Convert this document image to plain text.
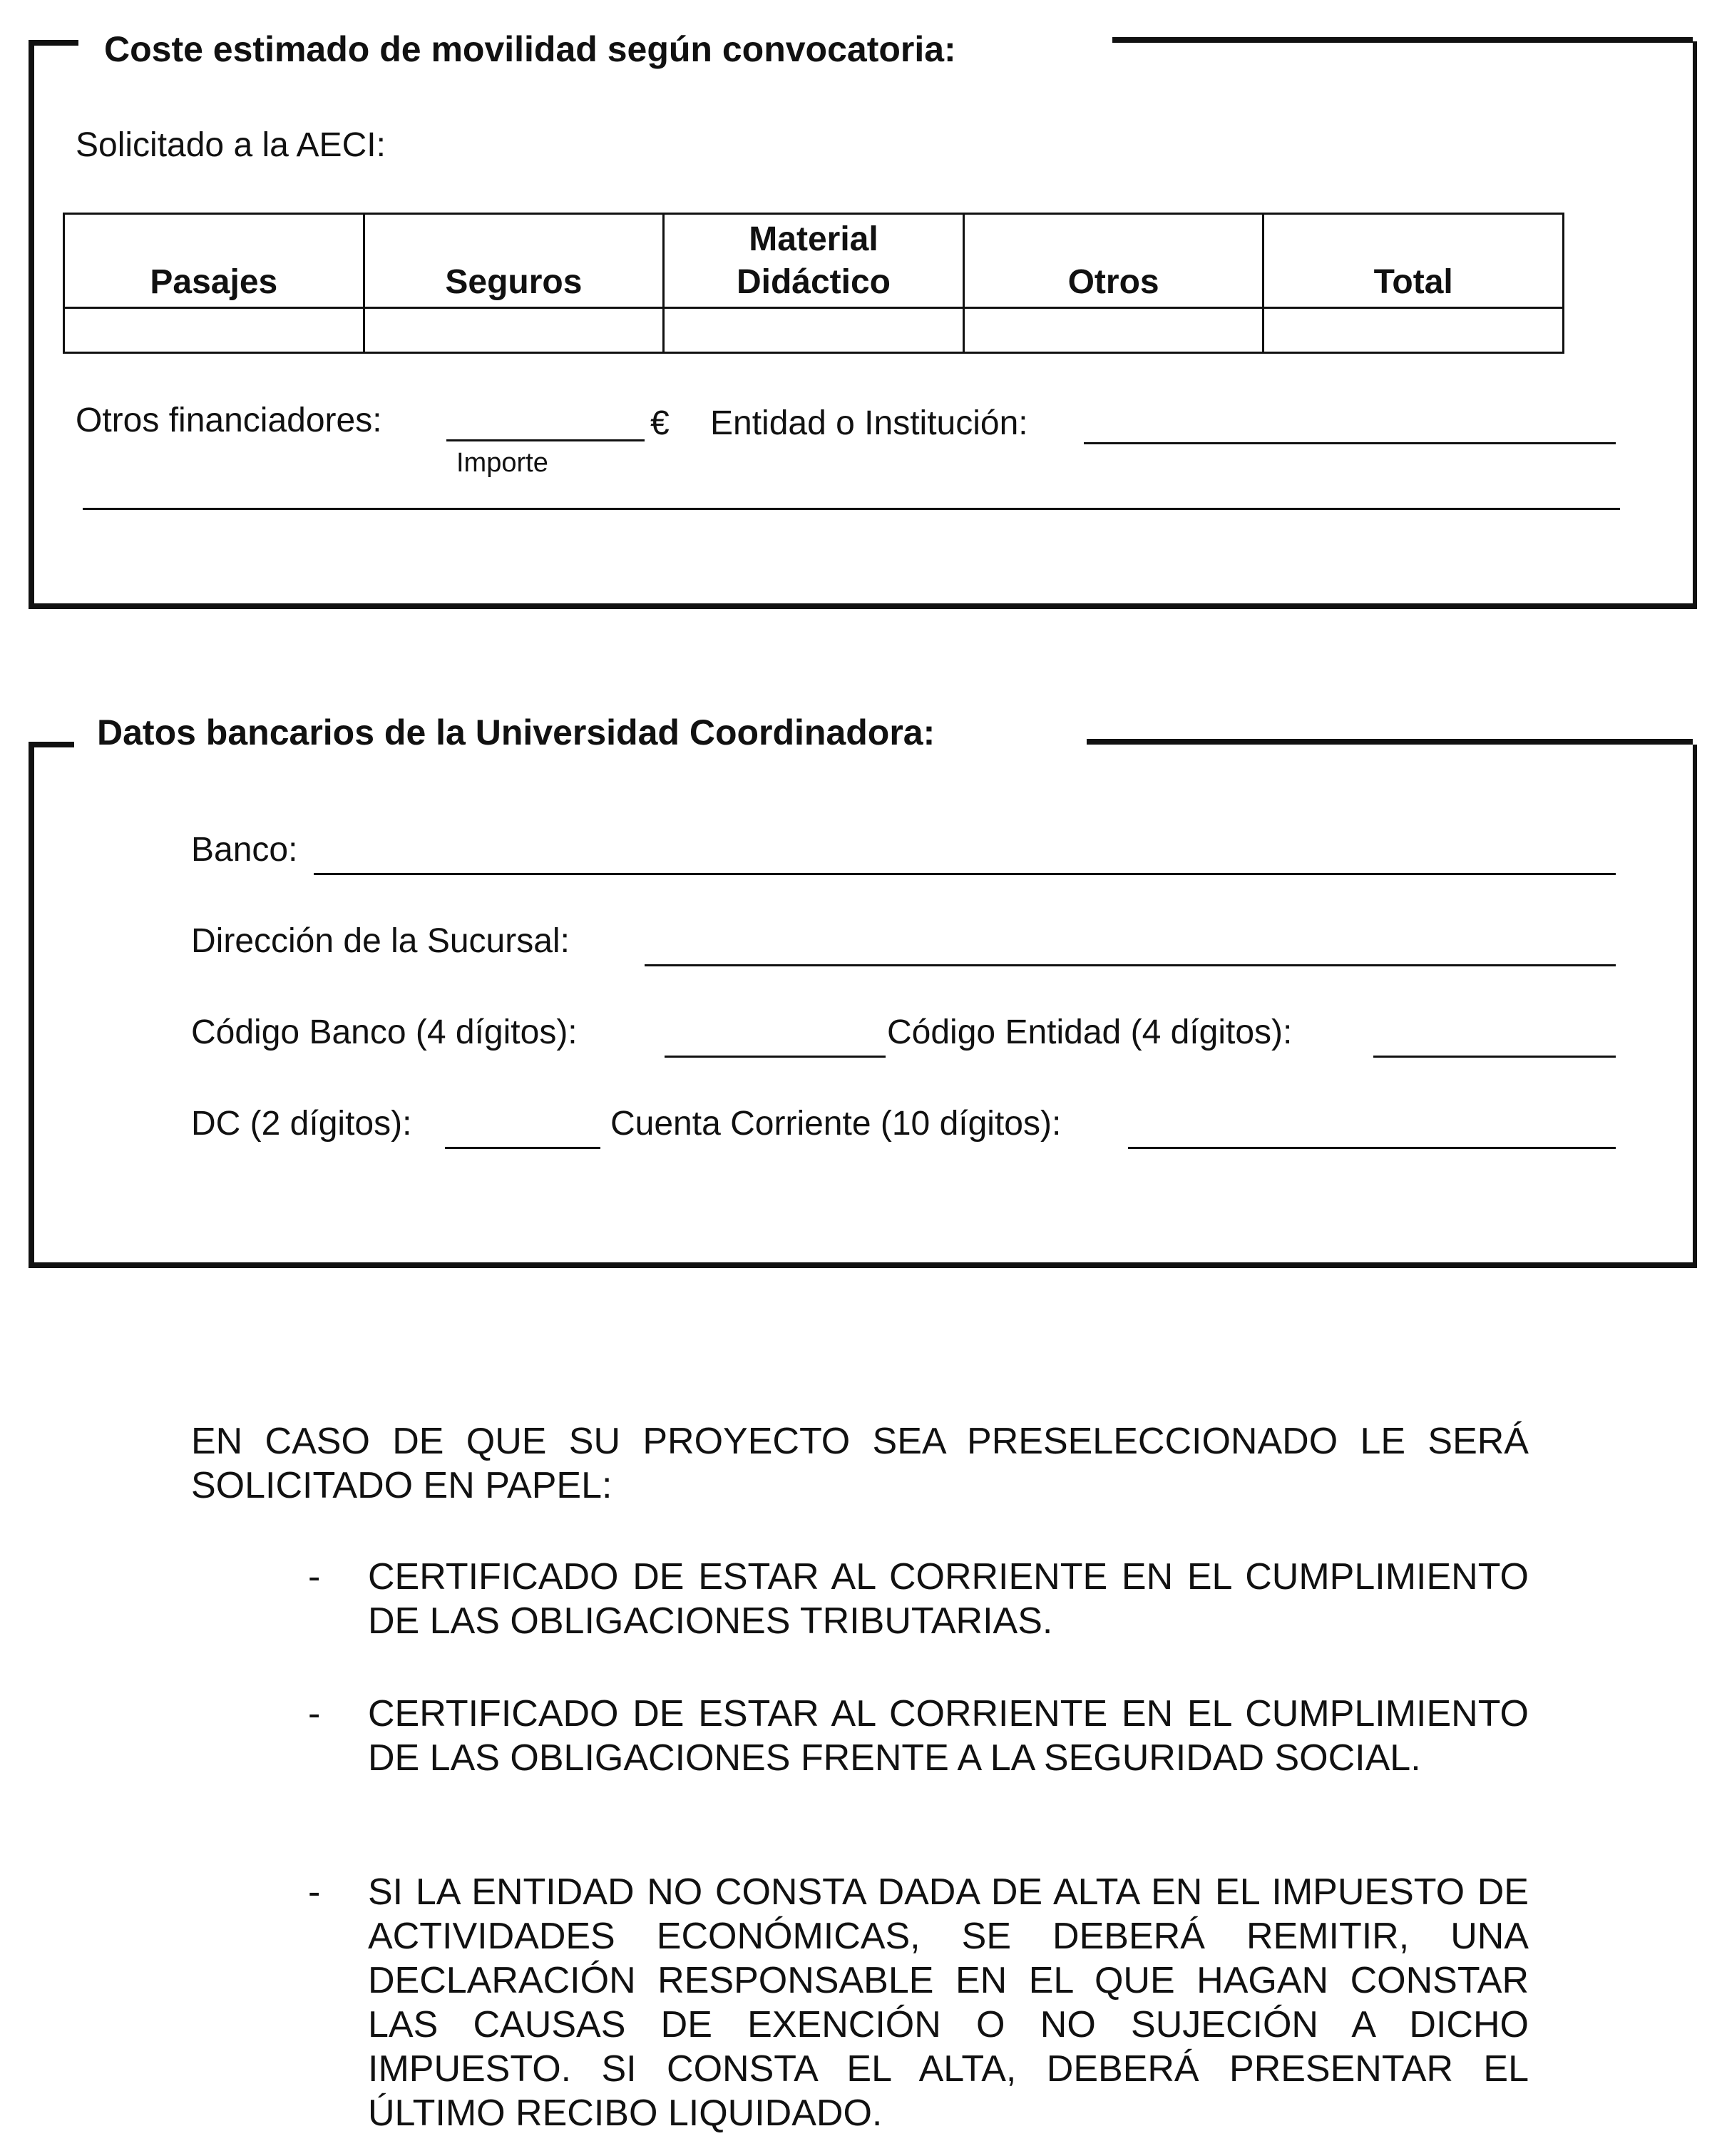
Coste estimado de movilidad según convocatoria:
Solicitado a la AECI:
Pasajes	Seguros	Material Didáctico	Otros	Total

Otros financiadores:
Importe
€ Entidad o Institución:
Datos bancarios de la Universidad Coordinadora:
Banco:
Dirección de la Sucursal:
Código Banco (4 dígitos):	Código Entidad (4 dígitos):
DC (2 dígitos):	Cuenta Corriente (10 dígitos):
EN CASO DE QUE SU PROYECTO SEA PRESELECCIONADO LE SERÁ SOLICITADO EN PAPEL:
- CERTIFICADO DE ESTAR AL CORRIENTE EN EL CUMPLIMIENTO DE LAS OBLIGACIONES TRIBUTARIAS.
- CERTIFICADO DE ESTAR AL CORRIENTE EN EL CUMPLIMIENTO DE LAS OBLIGACIONES FRENTE A LA SEGURIDAD SOCIAL.
- SI LA ENTIDAD NO CONSTA DADA DE ALTA EN EL IMPUESTO DE ACTIVIDADES ECONÓMICAS, SE DEBERÁ REMITIR, UNA DECLARACIÓN RESPONSABLE EN EL QUE HAGAN CONSTAR LAS CAUSAS DE EXENCIÓN O NO SUJECIÓN A DICHO IMPUESTO. SI CONSTA EL ALTA, DEBERÁ PRESENTAR EL ÚLTIMO RECIBO LIQUIDADO.
